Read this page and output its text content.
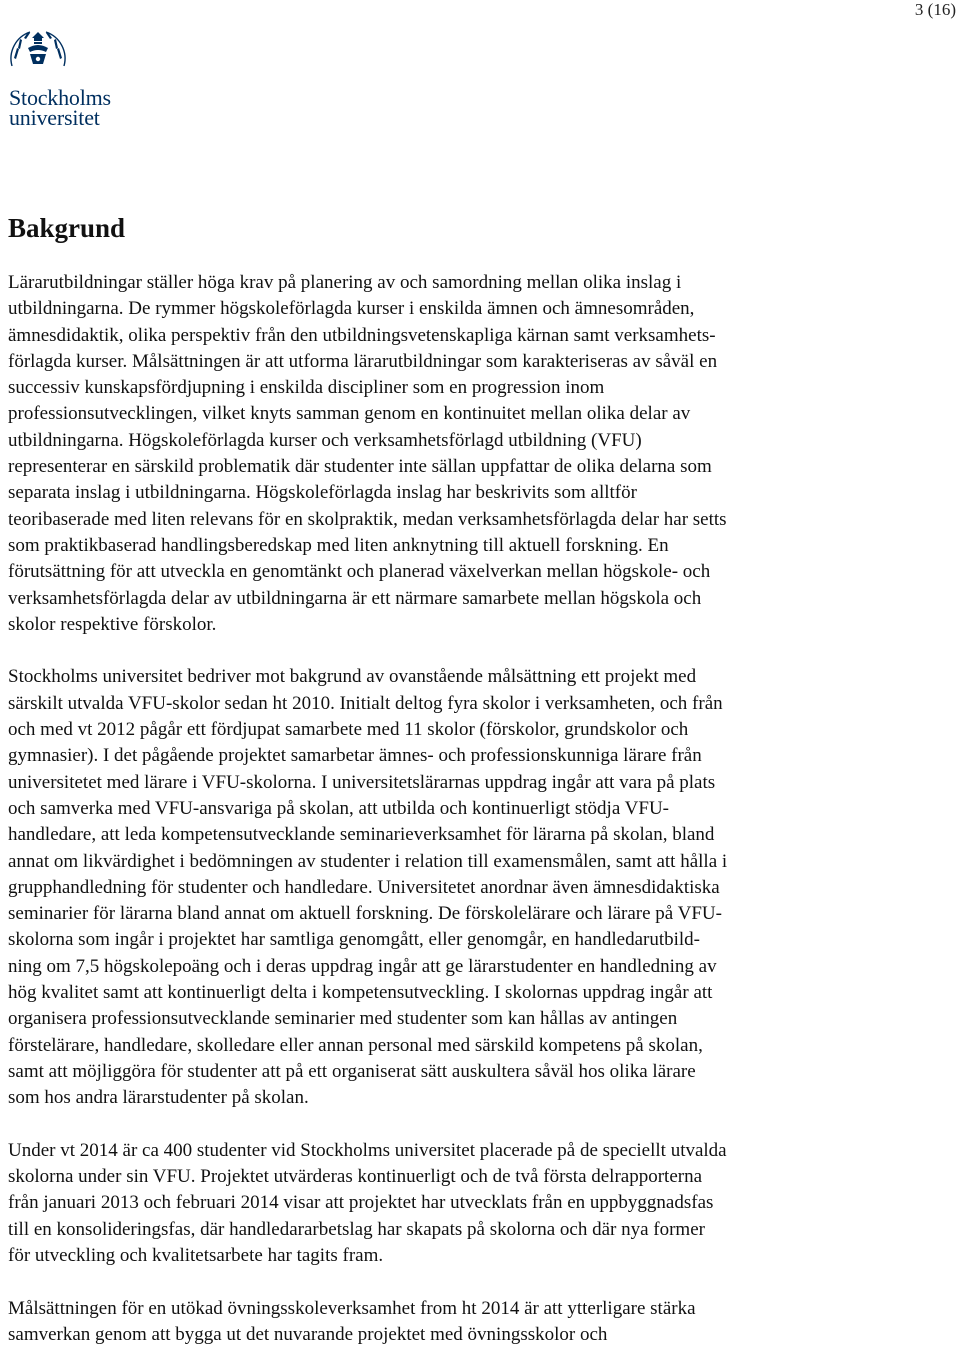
3 (16)
Stockholms
universitet
Bakgrund
Lärarutbildningar ställer höga krav på planering av och samordning mellan olika inslag i
utbildningarna. De rymmer högskoleförlagda kurser i enskilda ämnen och ämnesområden,
ämnesdidaktik, olika perspektiv från den utbildningsvetenskapliga kärnan samt verksamhets-
förlagda kurser. Målsättningen är att utforma lärarutbildningar som karakteriseras av såväl en
successiv kunskapsfördjupning i enskilda discipliner som en progression inom
professionsutvecklingen, vilket knyts samman genom en kontinuitet mellan olika delar av
utbildningarna. Högskoleförlagda kurser och verksamhetsförlagd utbildning (VFU)
representerar en särskild problematik där studenter inte sällan uppfattar de olika delarna som
separata inslag i utbildningarna. Högskoleförlagda inslag har beskrivits som alltför
teoribaserade med liten relevans för en skolpraktik, medan verksamhetsförlagda delar har setts
som praktikbaserad handlingsberedskap med liten anknytning till aktuell forskning. En
förutsättning för att utveckla en genomtänkt och planerad växelverkan mellan högskole- och
verksamhetsförlagda delar av utbildningarna är ett närmare samarbete mellan högskola och
skolor respektive förskolor.
Stockholms universitet bedriver mot bakgrund av ovanstående målsättning ett projekt med
särskilt utvalda VFU-skolor sedan ht 2010. Initialt deltog fyra skolor i verksamheten, och från
och med vt 2012 pågår ett fördjupat samarbete med 11 skolor (förskolor, grundskolor och
gymnasier). I det pågående projektet samarbetar ämnes- och professionskunniga lärare från
universitetet med lärare i VFU-skolorna. I universitetslärarnas uppdrag ingår att vara på plats
och samverka med VFU-ansvariga på skolan, att utbilda och kontinuerligt stödja VFU-
handledare, att leda kompetensutvecklande seminarieverksamhet för lärarna på skolan, bland
annat om likvärdighet i bedömningen av studenter i relation till examensmålen, samt att hålla i
grupphandledning för studenter och handledare. Universitetet anordnar även ämnesdidaktiska
seminarier för lärarna bland annat om aktuell forskning. De förskolelärare och lärare på VFU-
skolorna som ingår i projektet har samtliga genomgått, eller genomgår, en handledarutbild-
ning om 7,5 högskolepoäng och i deras uppdrag ingår att ge lärarstudenter en handledning av
hög kvalitet samt att kontinuerligt delta i kompetensutveckling. I skolornas uppdrag ingår att
organisera professionsutvecklande seminarier med studenter som kan hållas av antingen
förstelärare, handledare, skolledare eller annan personal med särskild kompetens på skolan,
samt att möjliggöra för studenter att på ett organiserat sätt auskultera såväl hos olika lärare
som hos andra lärarstudenter på skolan.
Under vt 2014 är ca 400 studenter vid Stockholms universitet placerade på de speciellt utvalda
skolorna under sin VFU. Projektet utvärderas kontinuerligt och de två första delrapporterna
från januari 2013 och februari 2014 visar att projektet har utvecklats från en uppbyggnadsfas
till en konsolideringsfas, där handledararbetslag har skapats på skolorna och där nya former
för utveckling och kvalitetsarbete har tagits fram.
Målsättningen för en utökad övningsskoleverksamhet from ht 2014 är att ytterligare stärka
samverkan genom att bygga ut det nuvarande projektet med övningsskolor och
